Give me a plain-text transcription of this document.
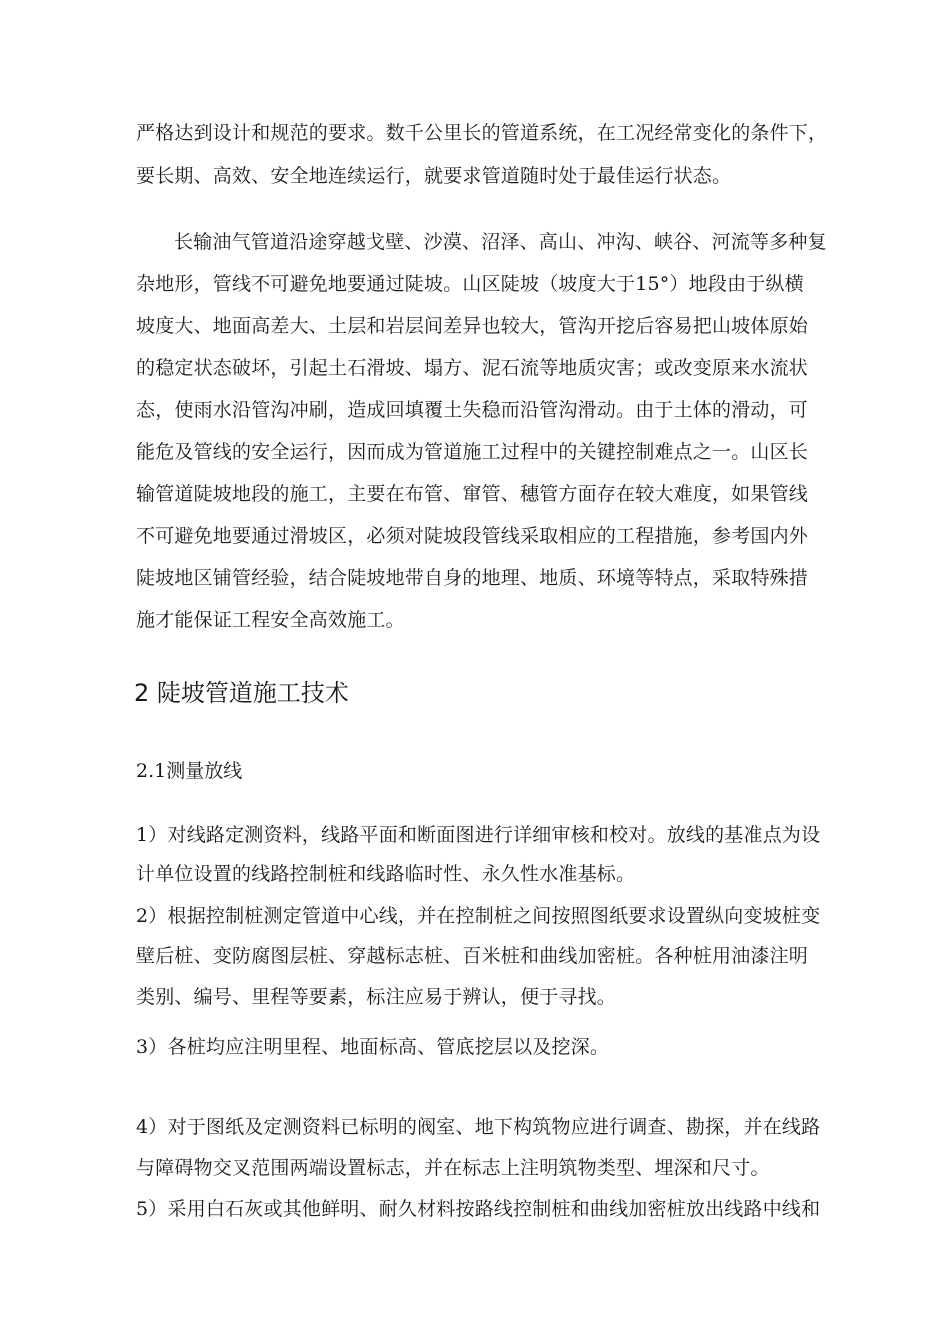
严格达到设计和规范的要求。数千公里长的管道系统，在工况经常变化的条件下，
要长期、高效、安全地连续运行，就要求管道随时处于最佳运行状态。
长输油气管道沿途穿越戈壁、沙漠、沼泽、高山、冲沟、峡谷、河流等多种复
杂地形，管线不可避免地要通过陡坡。山区陡坡（坡度大于15°）地段由于纵横
坡度大、地面高差大、土层和岩层间差异也较大，管沟开挖后容易把山坡体原始
的稳定状态破坏，引起土石滑坡、塌方、泥石流等地质灾害；或改变原来水流状
态，使雨水沿管沟冲刷，造成回填覆土失稳而沿管沟滑动。由于土体的滑动，可
能危及管线的安全运行，因而成为管道施工过程中的关键控制难点之一。山区长
输管道陡坡地段的施工，主要在布管、窜管、穗管方面存在较大难度，如果管线
不可避免地要通过滑坡区，必须对陡坡段管线采取相应的工程措施，参考国内外
陡坡地区铺管经验，结合陡坡地带自身的地理、地质、环境等特点，采取特殊措
施才能保证工程安全高效施工。
2 陡坡管道施工技术
2.1测量放线
1）对线路定测资料，线路平面和断面图进行详细审核和校对。放线的基准点为设
计单位设置的线路控制桩和线路临时性、永久性水准基标。
2）根据控制桩测定管道中心线，并在控制桩之间按照图纸要求设置纵向变坡桩变
壁后桩、变防腐图层桩、穿越标志桩、百米桩和曲线加密桩。各种桩用油漆注明
类别、编号、里程等要素，标注应易于辨认，便于寻找。
3）各桩均应注明里程、地面标高、管底挖层以及挖深。
4）对于图纸及定测资料已标明的阀室、地下构筑物应进行调查、勘探，并在线路
与障碍物交叉范围两端设置标志，并在标志上注明筑物类型、埋深和尺寸。
5）采用白石灰或其他鲜明、耐久材料按路线控制桩和曲线加密桩放出线路中线和
